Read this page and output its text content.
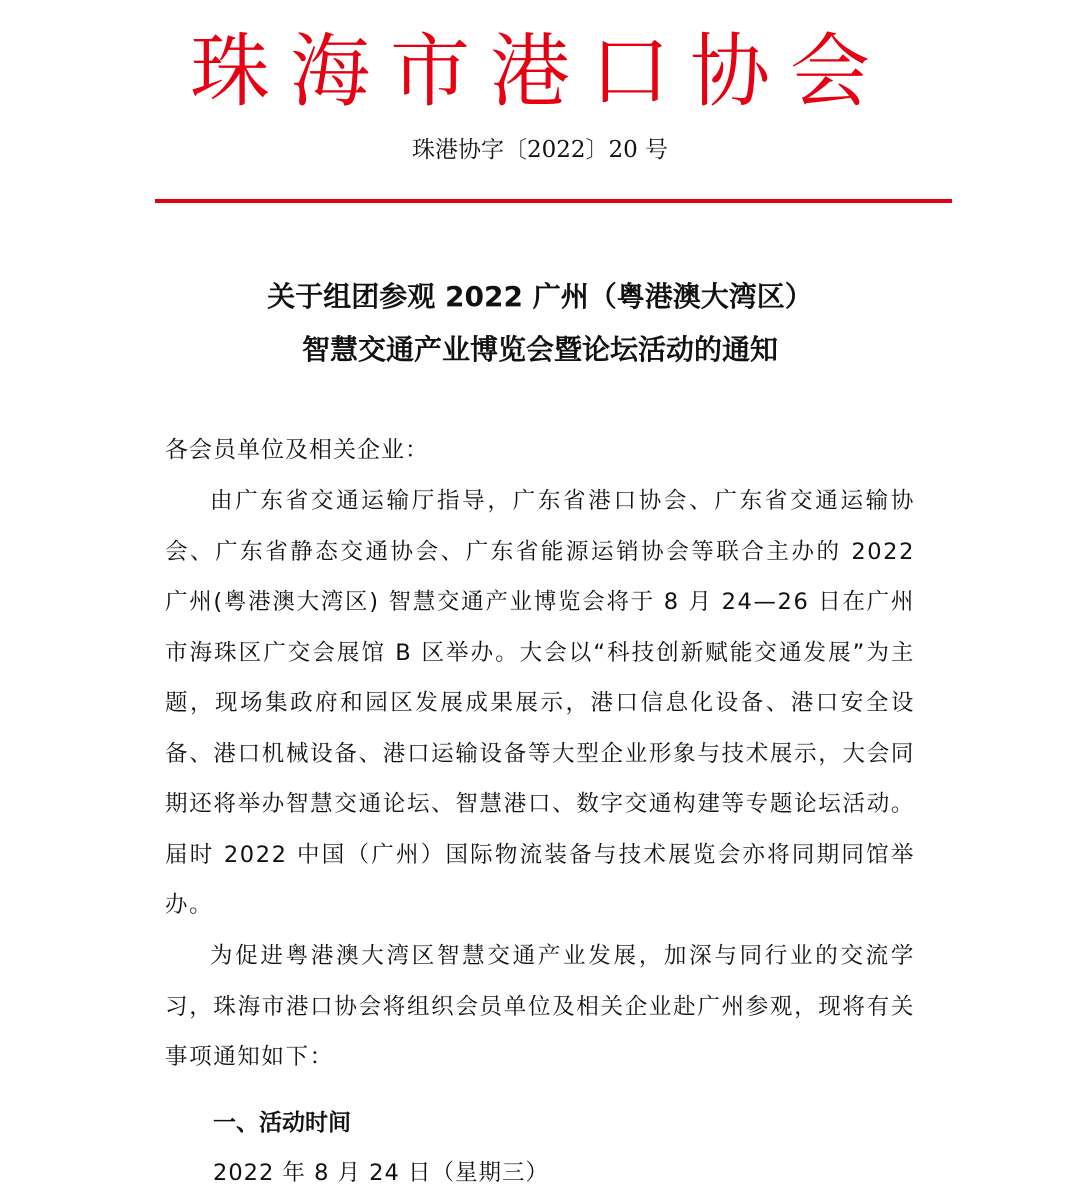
珠海市港口协会
珠港协字〔2022〕20 号
关于组团参观 2022 广州（粤港澳大湾区）
智慧交通产业博览会暨论坛活动的通知
各会员单位及相关企业：

由广东省交通运输厅指导，广东省港口协会、广东省交通运输协会、广东省静态交通协会、广东省能源运销协会等联合主办的 2022 广州(粤港澳大湾区) 智慧交通产业博览会将于 8 月 24—26 日在广州市海珠区广交会展馆 B 区举办。大会以“科技创新赋能交通发展”为主题，现场集政府和园区发展成果展示，港口信息化设备、港口安全设备、港口机械设备、港口运输设备等大型企业形象与技术展示，大会同期还将举办智慧交通论坛、智慧港口、数字交通构建等专题论坛活动。届时 2022 中国（广州）国际物流装备与技术展览会亦将同期同馆举办。

为促进粤港澳大湾区智慧交通产业发展，加深与同行业的交流学习，珠海市港口协会将组织会员单位及相关企业赴广州参观，现将有关事项通知如下：

一、活动时间
2022 年 8 月 24 日（星期三）
